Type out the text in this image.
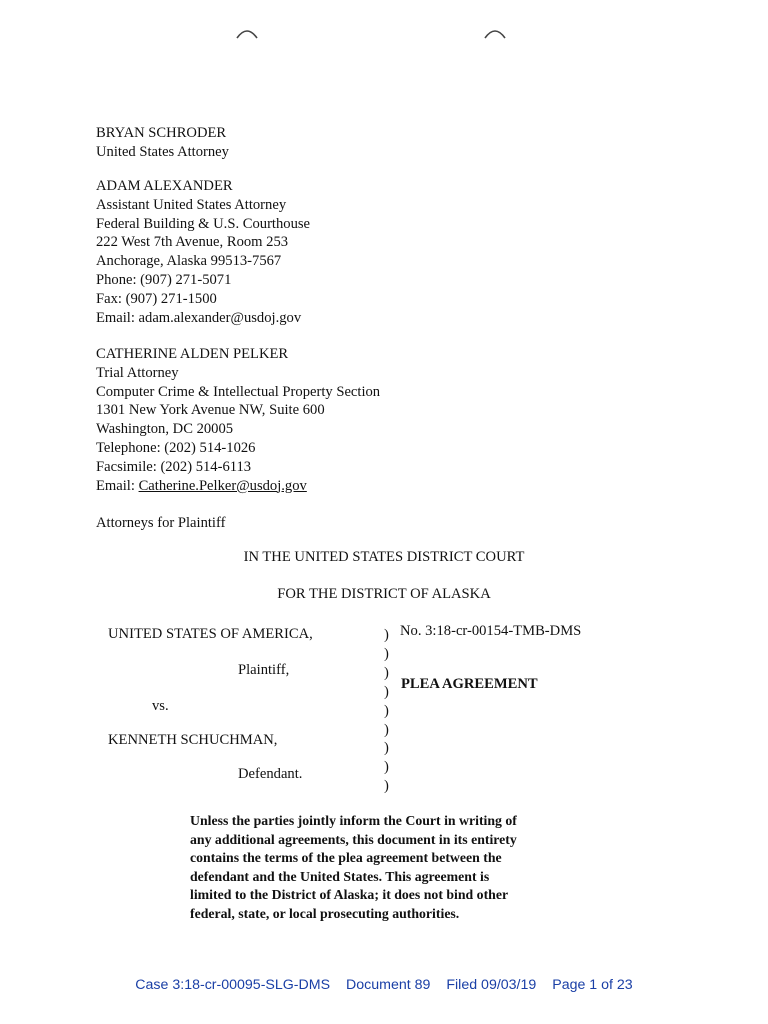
BRYAN SCHRODER
United States Attorney
ADAM ALEXANDER
Assistant United States Attorney
Federal Building & U.S. Courthouse
222 West 7th Avenue, Room 253
Anchorage, Alaska 99513-7567
Phone: (907) 271-5071
Fax: (907) 271-1500
Email: adam.alexander@usdoj.gov
CATHERINE ALDEN PELKER
Trial Attorney
Computer Crime & Intellectual Property Section
1301 New York Avenue NW, Suite 600
Washington, DC 20005
Telephone: (202) 514-1026
Facsimile: (202) 514-6113
Email: Catherine.Pelker@usdoj.gov
Attorneys for Plaintiff
IN THE UNITED STATES DISTRICT COURT
FOR THE DISTRICT OF ALASKA
UNITED STATES OF AMERICA,
Plaintiff,
vs.
KENNETH SCHUCHMAN,
Defendant.
)
)
)
)
)
)
)
)
)
No. 3:18-cr-00154-TMB-DMS
PLEA AGREEMENT
Unless the parties jointly inform the Court in writing of
any additional agreements, this document in its entirety
contains the terms of the plea agreement between the
defendant and the United States. This agreement is
limited to the District of Alaska; it does not bind other
federal, state, or local prosecuting authorities.
Case 3:18-cr-00095-SLG-DMS Document 89 Filed 09/03/19 Page 1 of 23
